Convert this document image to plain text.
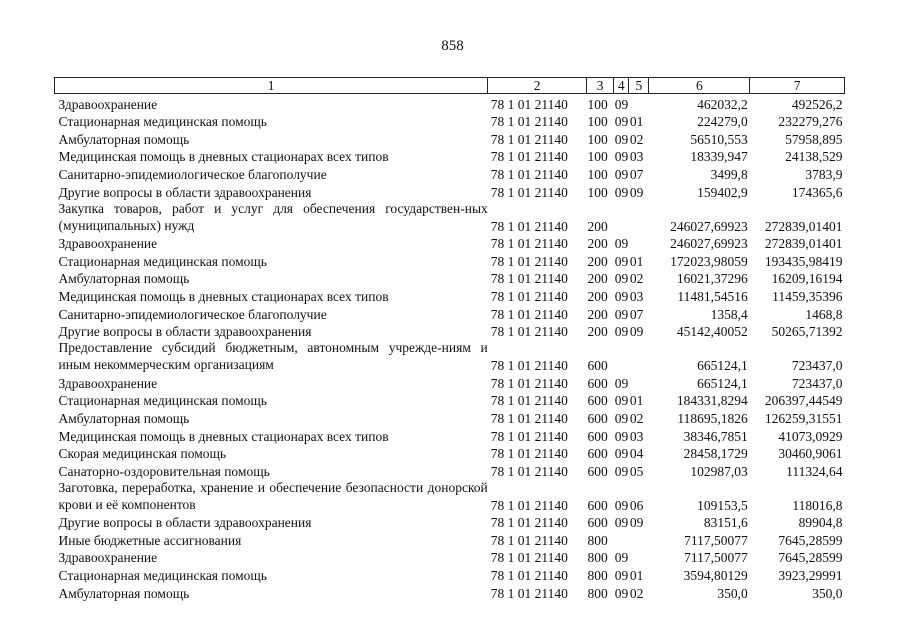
858
1	2	3	4	5	6	7
Здравоохранение	78 1 01 21140	100	09		462032,2	492526,2
Стационарная медицинская помощь	78 1 01 21140	100	09	01	224279,0	232279,276
Амбулаторная помощь	78 1 01 21140	100	09	02	56510,553	57958,895
Медицинская помощь в дневных стационарах всех типов	78 1 01 21140	100	09	03	18339,947	24138,529
Санитарно-эпидемиологическое благополучие	78 1 01 21140	100	09	07	3499,8	3783,9
Другие вопросы в области здравоохранения	78 1 01 21140	100	09	09	159402,9	174365,6
Закупка товаров, работ и услуг для обеспечения государствен-ных (муниципальных) нужд	78 1 01 21140	200			246027,69923	272839,01401
Здравоохранение	78 1 01 21140	200	09		246027,69923	272839,01401
Стационарная медицинская помощь	78 1 01 21140	200	09	01	172023,98059	193435,98419
Амбулаторная помощь	78 1 01 21140	200	09	02	16021,37296	16209,16194
Медицинская помощь в дневных стационарах всех типов	78 1 01 21140	200	09	03	11481,54516	11459,35396
Санитарно-эпидемиологическое благополучие	78 1 01 21140	200	09	07	1358,4	1468,8
Другие вопросы в области здравоохранения	78 1 01 21140	200	09	09	45142,40052	50265,71392
Предоставление субсидий бюджетным, автономным учрежде-ниям и иным некоммерческим организациям	78 1 01 21140	600			665124,1	723437,0
Здравоохранение	78 1 01 21140	600	09		665124,1	723437,0
Стационарная медицинская помощь	78 1 01 21140	600	09	01	184331,8294	206397,44549
Амбулаторная помощь	78 1 01 21140	600	09	02	118695,1826	126259,31551
Медицинская помощь в дневных стационарах всех типов	78 1 01 21140	600	09	03	38346,7851	41073,0929
Скорая медицинская помощь	78 1 01 21140	600	09	04	28458,1729	30460,9061
Санаторно-оздоровительная помощь	78 1 01 21140	600	09	05	102987,03	111324,64
Заготовка, переработка, хранение и обеспечение безопасности донорской крови и её компонентов	78 1 01 21140	600	09	06	109153,5	118016,8
Другие вопросы в области здравоохранения	78 1 01 21140	600	09	09	83151,6	89904,8
Иные бюджетные ассигнования	78 1 01 21140	800			7117,50077	7645,28599
Здравоохранение	78 1 01 21140	800	09		7117,50077	7645,28599
Стационарная медицинская помощь	78 1 01 21140	800	09	01	3594,80129	3923,29991
Амбулаторная помощь	78 1 01 21140	800	09	02	350,0	350,0
